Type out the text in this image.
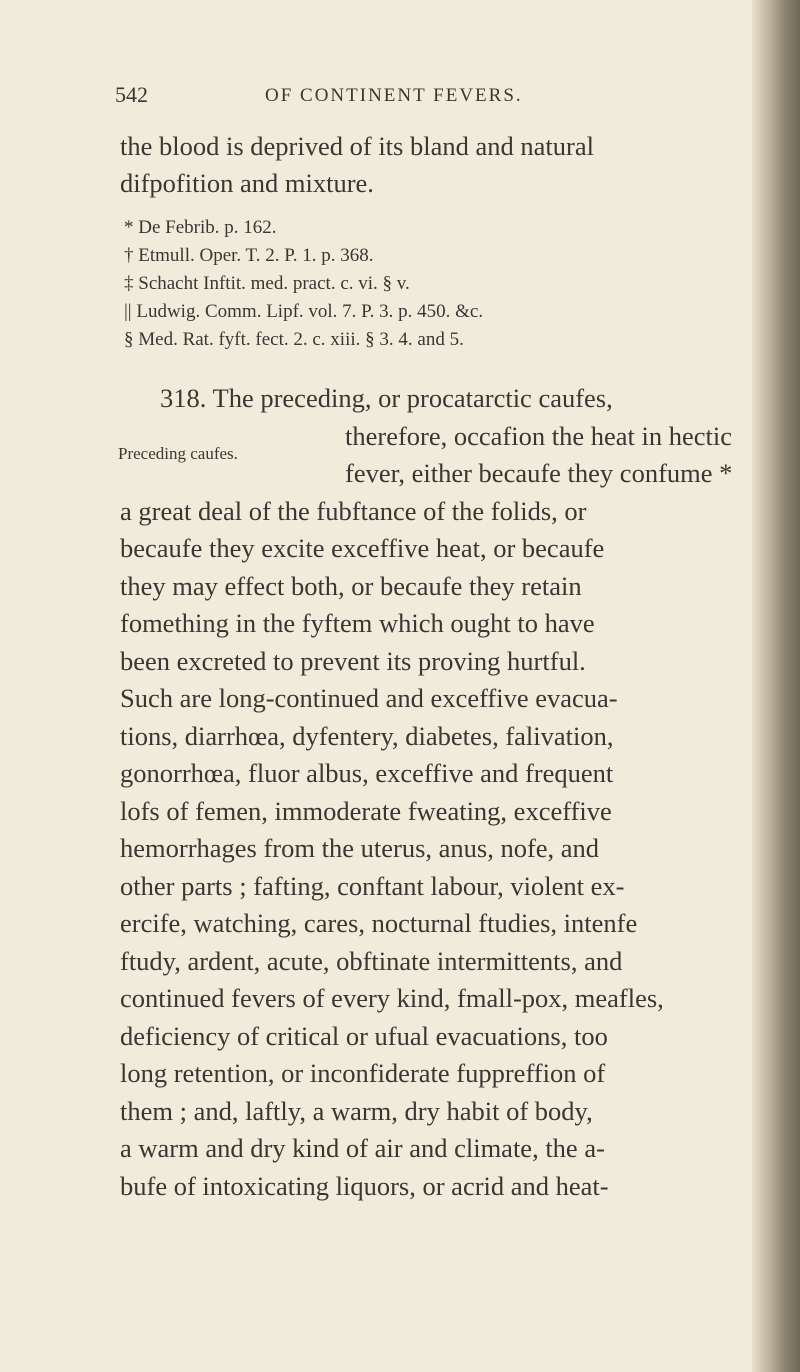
542	OF CONTINENT FEVERS.
the blood is deprived of its bland and natural
difpofition and mixture.
* De Febrib. p. 162.
† Etmull. Oper. T. 2. P. 1. p. 368.
‡ Schacht Inftit. med. pract. c. vi. § v.
|| Ludwig. Comm. Lipf. vol. 7. P. 3. p. 450. &c.
§ Med. Rat. fyft. fect. 2. c. xiii. § 3. 4. and 5.
Preceding caufes.
318. The preceding, or procatarctic caufes,
therefore, occafion the heat in hectic
fever, either becaufe they confume *
a great deal of the fubftance of the folids, or
becaufe they excite exceffive heat, or becaufe
they may effect both, or becaufe they retain
fomething in the fyftem which ought to have
been excreted to prevent its proving hurtful.
Such are long-continued and exceffive evacua-
tions, diarrhœa, dyfentery, diabetes, falivation,
gonorrhœa, fluor albus, exceffive and frequent
lofs of femen, immoderate fweating, exceffive
hemorrhages from the uterus, anus, nofe, and
other parts ; fafting, conftant labour, violent ex-
ercife, watching, cares, nocturnal ftudies, intenfe
ftudy, ardent, acute, obftinate intermittents, and
continued fevers of every kind, fmall-pox, meafles,
deficiency of critical or ufual evacuations, too
long retention, or inconfiderate fuppreffion of
them ; and, laftly, a warm, dry habit of body,
a warm and dry kind of air and climate, the a-
bufe of intoxicating liquors, or acrid and heat-
